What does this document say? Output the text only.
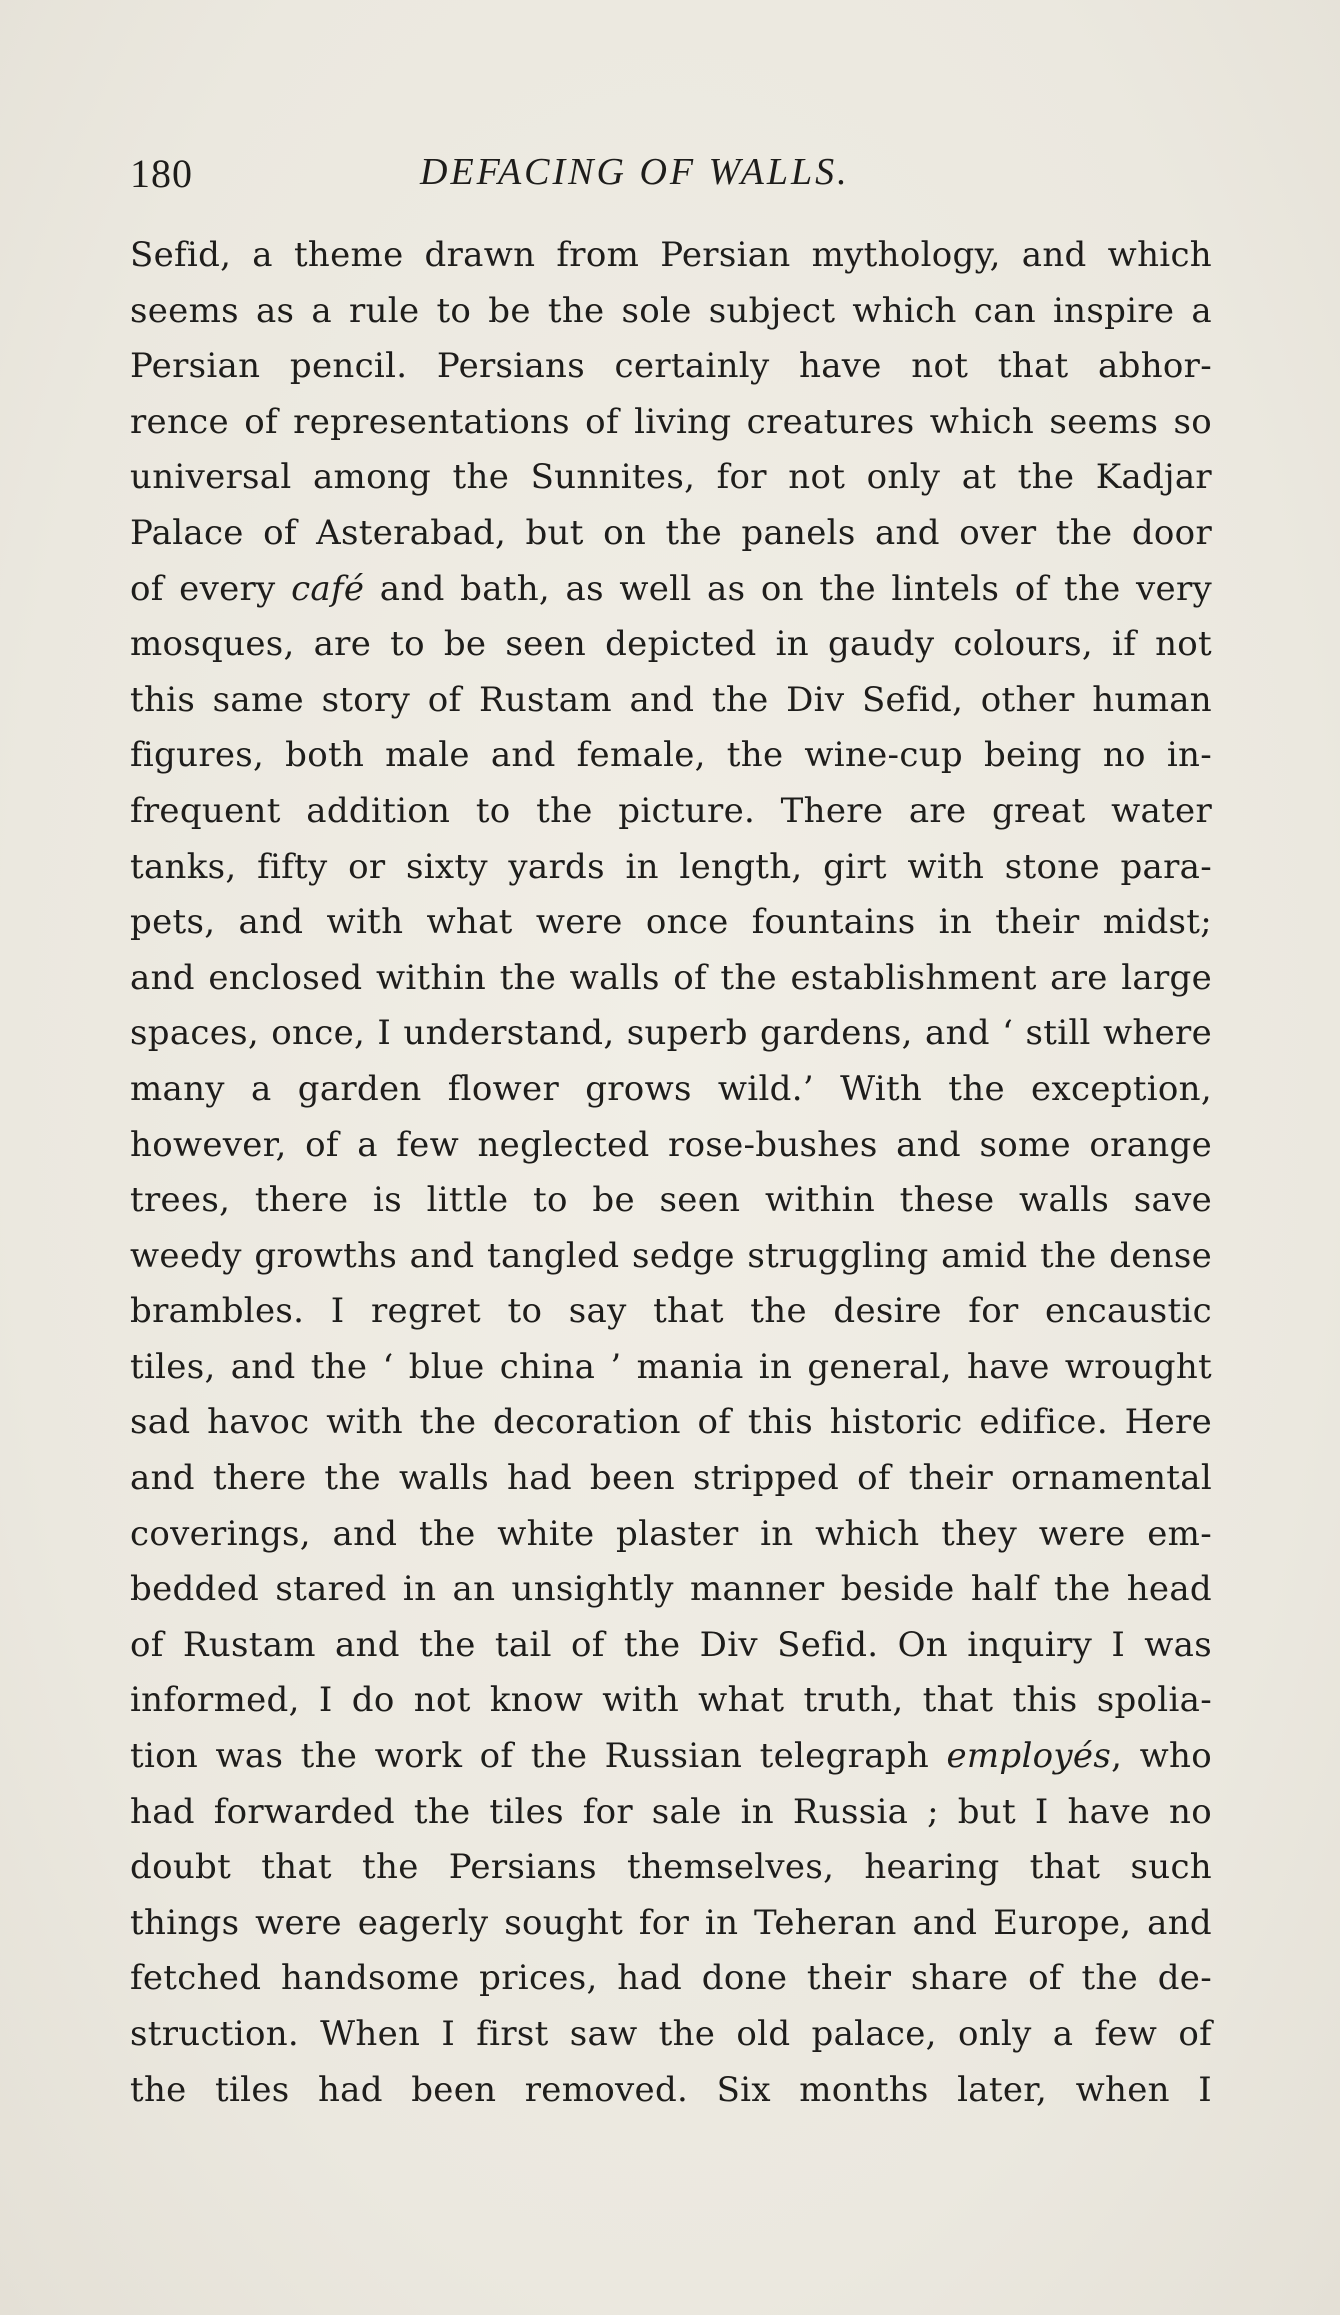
180	DEFACING OF WALLS.
Sefid, a theme drawn from Persian mythology, and which
seems as a rule to be the sole subject which can inspire a
Persian pencil. Persians certainly have not that abhor-
rence of representations of living creatures which seems so
universal among the Sunnites, for not only at the Kadjar
Palace of Asterabad, but on the panels and over the door
of every café and bath, as well as on the lintels of the very
mosques, are to be seen depicted in gaudy colours, if not
this same story of Rustam and the Div Sefid, other human
figures, both male and female, the wine-cup being no in-
frequent addition to the picture. There are great water
tanks, fifty or sixty yards in length, girt with stone para-
pets, and with what were once fountains in their midst;
and enclosed within the walls of the establishment are large
spaces, once, I understand, superb gardens, and ‘ still where
many a garden flower grows wild.’ With the exception,
however, of a few neglected rose-bushes and some orange
trees, there is little to be seen within these walls save
weedy growths and tangled sedge struggling amid the dense
brambles. I regret to say that the desire for encaustic
tiles, and the ‘ blue china ’ mania in general, have wrought
sad havoc with the decoration of this historic edifice. Here
and there the walls had been stripped of their ornamental
coverings, and the white plaster in which they were em-
bedded stared in an unsightly manner beside half the head
of Rustam and the tail of the Div Sefid. On inquiry I was
informed, I do not know with what truth, that this spolia-
tion was the work of the Russian telegraph employés, who
had forwarded the tiles for sale in Russia ; but I have no
doubt that the Persians themselves, hearing that such
things were eagerly sought for in Teheran and Europe, and
fetched handsome prices, had done their share of the de-
struction. When I first saw the old palace, only a few of
the tiles had been removed. Six months later, when I
